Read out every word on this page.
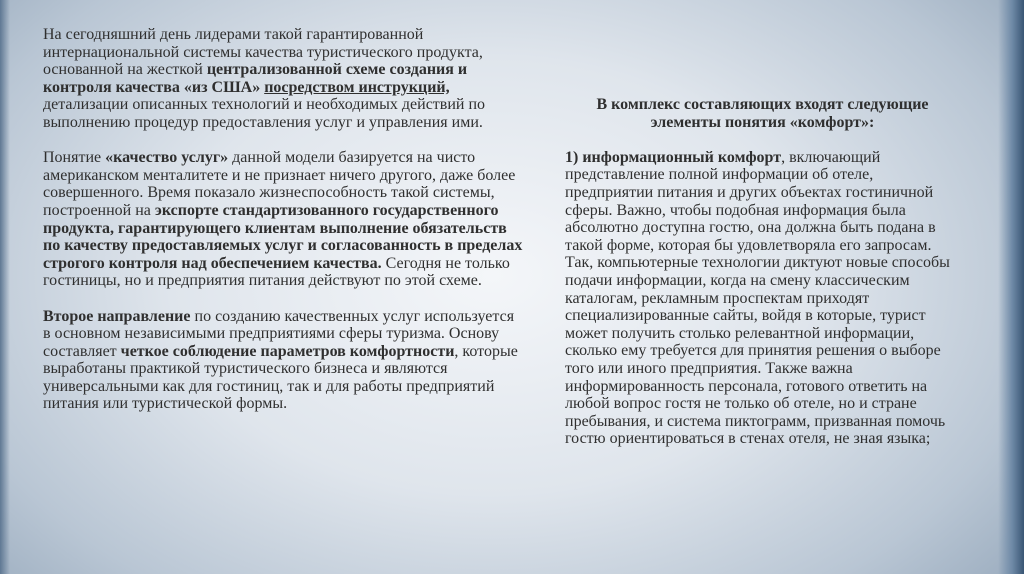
На сегодняшний день лидерами такой гарантированной интернациональной системы качества туристического продукта, основанной на жесткой централизованной схеме создания и контроля качества «из США» посредством инструкций, детализации описанных технологий и необходимых действий по выполнению процедур предоставления услуг и управления ими.

Понятие «качество услуг» данной модели базируется на чисто американском менталитете и не признает ничего другого, даже более совершенного. Время показало жизнеспособность такой системы, построенной на экспорте стандартизованного государственного продукта, гарантирующего клиентам выполнение обязательств по качеству предоставляемых услуг и согласованность в пределах строгого контроля над обеспечением качества. Сегодня не только гостиницы, но и предприятия питания действуют по этой схеме.

Второе направление по созданию качественных услуг используется в основном независимыми предприятиями сферы туризма. Основу составляет четкое соблюдение параметров комфортности, которые выработаны практикой туристического бизнеса и являются универсальными как для гостиниц, так и для работы предприятий питания или туристической формы.

В комплекс составляющих входят следующие элементы понятия «комфорт»:

1) информационный комфорт, включающий представление полной информации об отеле, предприятии питания и других объектах гостиничной сферы. Важно, чтобы подобная информация была абсолютно доступна гостю, она должна быть подана в такой форме, которая бы удовлетворяла его запросам. Так, компьютерные технологии диктуют новые способы подачи информации, когда на смену классическим каталогам, рекламным проспектам приходят специализированные сайты, войдя в которые, турист может получить столько релевантной информации, сколько ему требуется для принятия решения о выборе того или иного предприятия. Также важна информированность персонала, готового ответить на любой вопрос гостя не только об отеле, но и стране пребывания, и система пиктограмм, призванная помочь гостю ориентироваться в стенах отеля, не зная языка;
